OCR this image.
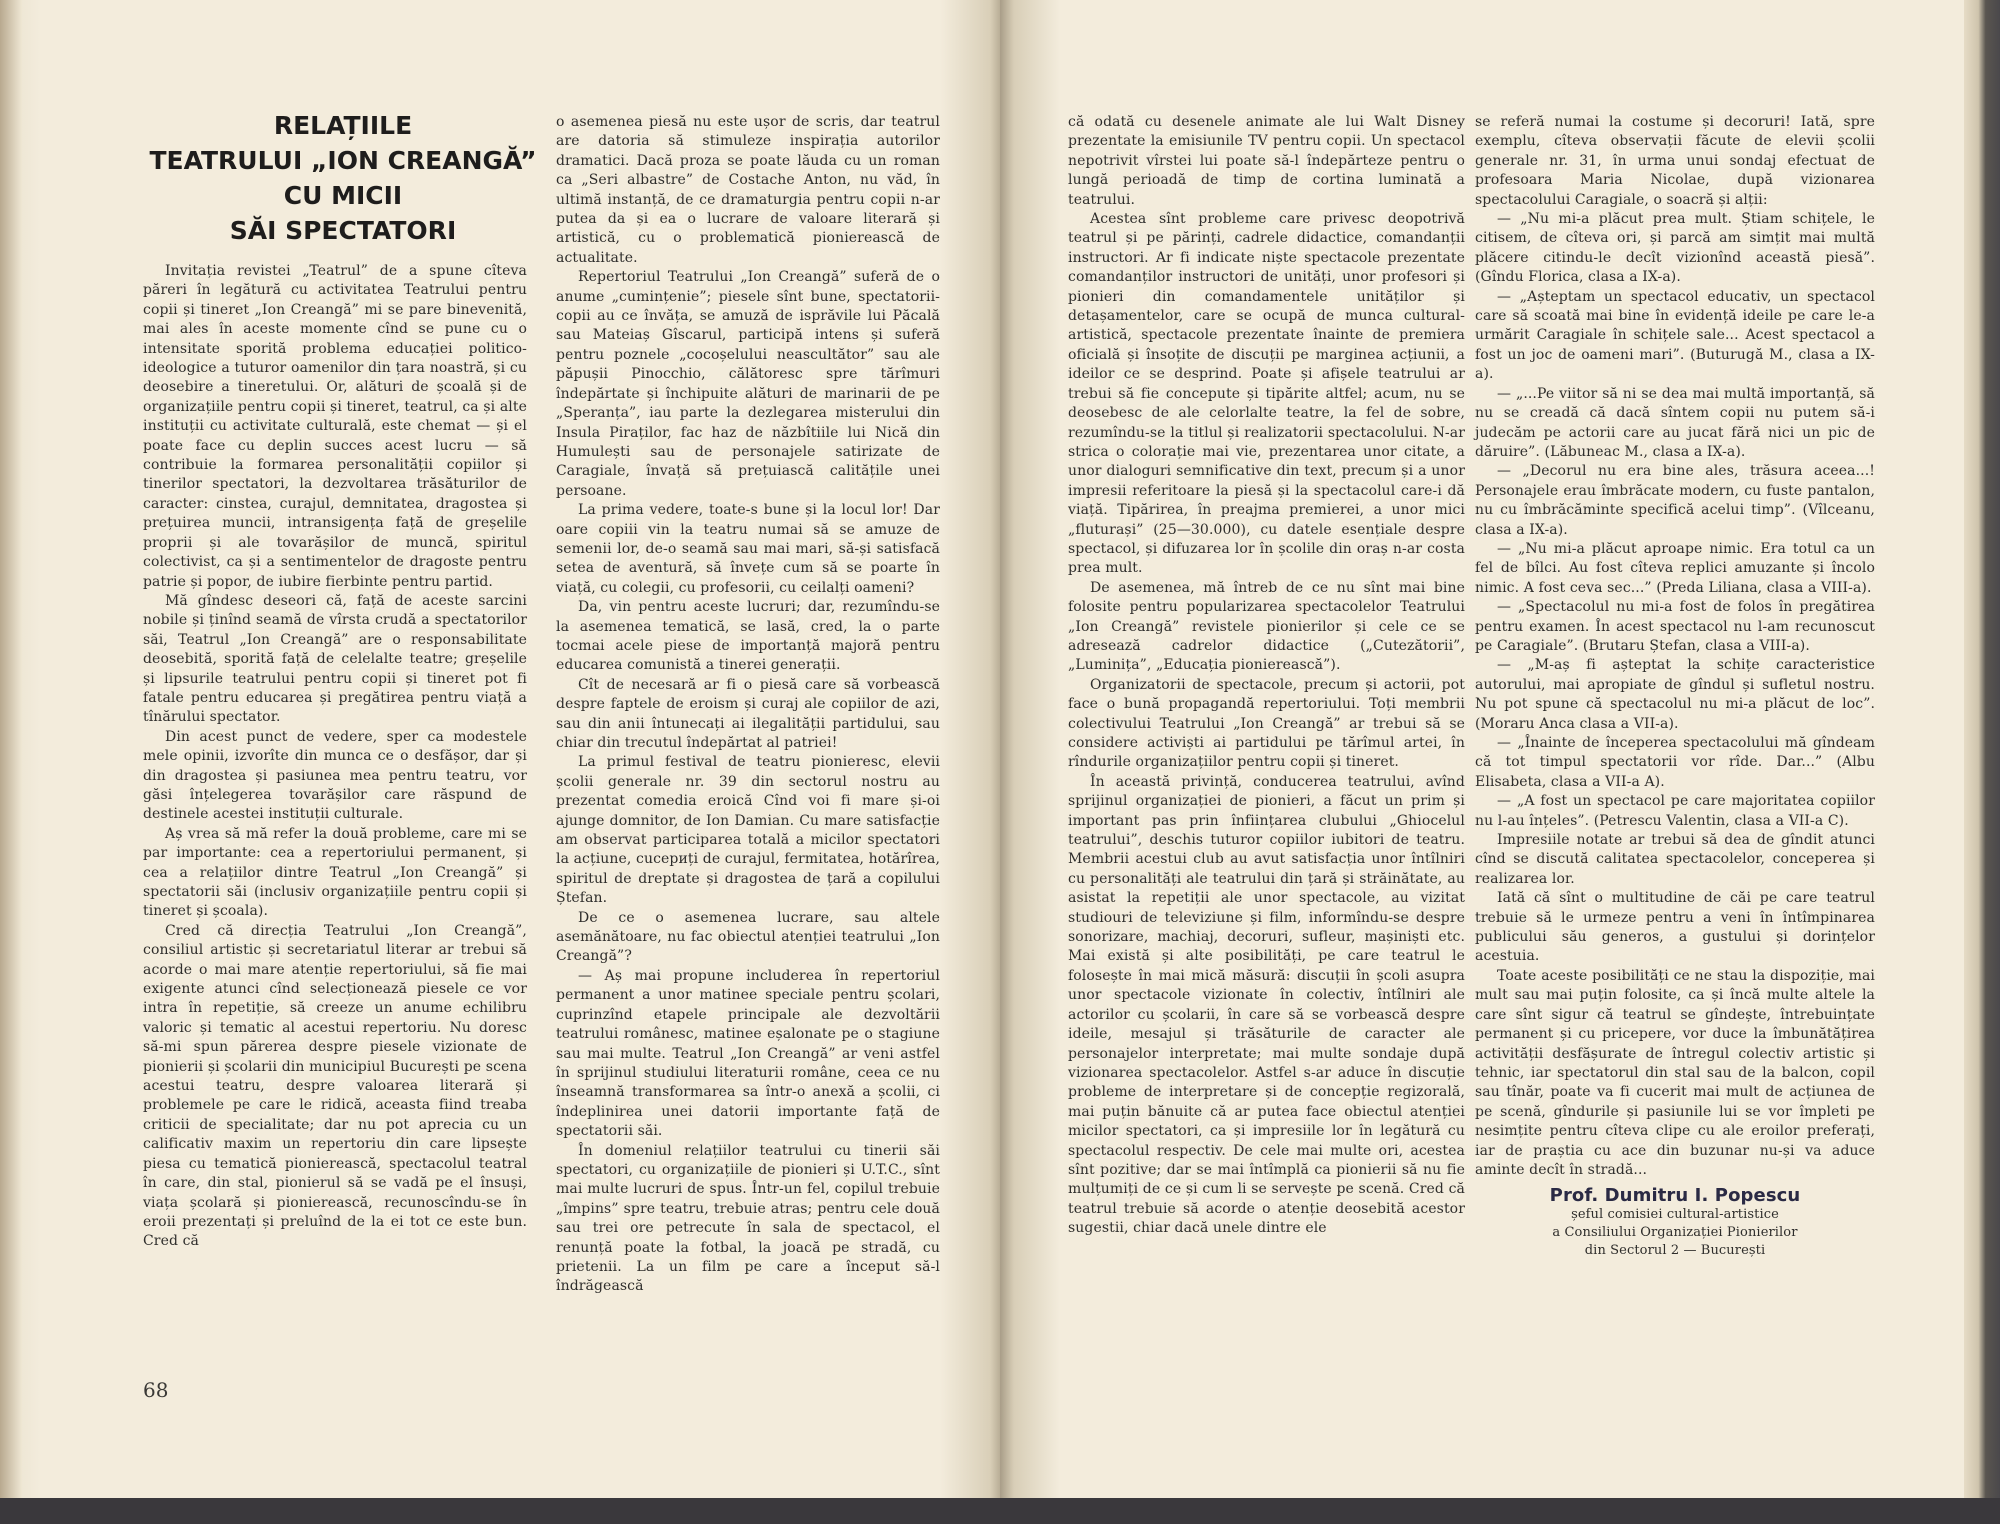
RELAȚIILE
TEATRULUI „ION CREANGĂ”
CU MICII
SĂI SPECTATORI

Invitația revistei „Teatrul” de a spune cîteva păreri în legătură cu activitatea Teatrului pentru copii și tineret „Ion Creangă” mi se pare binevenită, mai ales în aceste momente cînd se pune cu o intensitate sporită problema educației politico-ideologice a tuturor oamenilor din țara noastră, și cu deosebire a tineretului. Or, alături de școală și de organizațiile pentru copii și tineret, teatrul, ca și alte instituții cu activitate culturală, este chemat — și el poate face cu deplin succes acest lucru — să contribuie la formarea personalității copiilor și tinerilor spectatori, la dezvoltarea trăsăturilor de caracter: cinstea, curajul, demnitatea, dragostea și prețuirea muncii, intransigența față de greșelile proprii și ale tovarășilor de muncă, spiritul colectivist, ca și a sentimentelor de dragoste pentru patrie și popor, de iubire fierbinte pentru partid.

Mă gîndesc deseori că, față de aceste sarcini nobile și ținînd seamă de vîrsta crudă a spectatorilor săi, Teatrul „Ion Creangă” are o responsabilitate deosebită, sporită față de celelalte teatre; greșelile și lipsurile teatrului pentru copii și tineret pot fi fatale pentru educarea și pregătirea pentru viață a tînărului spectator.

Din acest punct de vedere, sper ca modestele mele opinii, izvorîte din munca ce o desfășor, dar și din dragostea și pasiunea mea pentru teatru, vor găsi înțelegerea tovarășilor care răspund de destinele acestei instituții culturale.

Aș vrea să mă refer la două probleme, care mi se par importante: cea a repertoriului permanent, și cea a relațiilor dintre Teatrul „Ion Creangă” și spectatorii săi (inclusiv organizațiile pentru copii și tineret și școala).

Cred că direcția Teatrului „Ion Creangă”, consiliul artistic și secretariatul literar ar trebui să acorde o mai mare atenție repertoriului, să fie mai exigente atunci cînd selecționează piesele ce vor intra în repetiție, să creeze un anume echilibru valoric și tematic al acestui repertoriu. Nu doresc să-mi spun părerea despre piesele vizionate de pionierii și școlarii din municipiul București pe scena acestui teatru, despre valoarea literară și problemele pe care le ridică, aceasta fiind treaba criticii de specialitate; dar nu pot aprecia cu un calificativ maxim un repertoriu din care lipsește piesa cu tematică pionierească, spectacolul teatral în care, din stal, pionierul să se vadă pe el însuși, viața școlară și pionierească, recunoscîndu-se în eroii prezentați și preluînd de la ei tot ce este bun. Cred că

o asemenea piesă nu este ușor de scris, dar teatrul are datoria să stimuleze inspirația autorilor dramatici. Dacă proza se poate lăuda cu un roman ca „Seri albastre” de Costache Anton, nu văd, în ultimă instanță, de ce dramaturgia pentru copii n-ar putea da și ea o lucrare de valoare literară și artistică, cu o problematică pionierească de actualitate.

Repertoriul Teatrului „Ion Creangă” suferă de o anume „cumințenie”; piesele sînt bune, spectatorii-copii au ce învăța, se amuză de isprăvile lui Păcală sau Mateiaș Gîscarul, participă intens și suferă pentru poznele „cocoșelului neascultător” sau ale păpușii Pinocchio, călătoresc spre tărîmuri îndepărtate și închipuite alături de marinarii de pe „Speranța”, iau parte la dezlegarea misterului din Insula Piraților, fac haz de năzbîtiile lui Nică din Humulești sau de personajele satirizate de Caragiale, învață să prețuiască calitățile unei persoane.

La prima vedere, toate-s bune și la locul lor! Dar oare copiii vin la teatru numai să se amuze de semenii lor, de-o seamă sau mai mari, să-și satisfacă setea de aventură, să învețe cum să se poarte în viață, cu colegii, cu profesorii, cu ceilalți oameni?

Da, vin pentru aceste lucruri; dar, rezumîndu-se la asemenea tematică, se lasă, cred, la o parte tocmai acele piese de importanță majoră pentru educarea comunistă a tinerei generații.

Cît de necesară ar fi o piesă care să vorbească despre faptele de eroism și curaj ale copiilor de azi, sau din anii întunecați ai ilegalității partidului, sau chiar din trecutul îndepărtat al patriei!

La primul festival de teatru pionieresc, elevii școlii generale nr. 39 din sectorul nostru au prezentat comedia eroică Cînd voi fi mare și-oi ajunge domnitor, de Ion Damian. Cu mare satisfacție am observat participarea totală a micilor spectatori la acțiune, cucериți de curajul, fermitatea, hotărîrea, spiritul de dreptate și dragostea de țară a copilului Ștefan.

De ce o asemenea lucrare, sau altele asemănătoare, nu fac obiectul atenției teatrului „Ion Creangă”?

— Aș mai propune includerea în repertoriul permanent a unor matinee speciale pentru școlari, cuprinzînd etapele principale ale dezvoltării teatrului românesc, matinee eșalonate pe o stagiune sau mai multe. Teatrul „Ion Creangă” ar veni astfel în sprijinul studiului literaturii române, ceea ce nu înseamnă transformarea sa într-o anexă a școlii, ci îndeplinirea unei datorii importante față de spectatorii săi.

În domeniul relațiilor teatrului cu tinerii săi spectatori, cu organizațiile de pionieri și U.T.C., sînt mai multe lucruri de spus. Într-un fel, copilul trebuie „împins” spre teatru, trebuie atras; pentru cele două sau trei ore petrecute în sala de spectacol, el renunță poate la fotbal, la joacă pe stradă, cu prietenii. La un film pe care a început să-l îndrăgească

68

că odată cu desenele animate ale lui Walt Disney prezentate la emisiunile TV pentru copii. Un spectacol nepotrivit vîrstei lui poate să-l îndepărteze pentru o lungă perioadă de timp de cortina luminată a teatrului.

Acestea sînt probleme care privesc deopotrivă teatrul și pe părinți, cadrele didactice, comandanții instructori. Ar fi indicate niște spectacole prezentate comandanților instructori de unități, unor profesori și pionieri din comandamentele unităților și detașamentelor, care se ocupă de munca cultural-artistică, spectacole prezentate înainte de premiera oficială și însoțite de discuții pe marginea acțiunii, a ideilor ce se desprind. Poate și afișele teatrului ar trebui să fie concepute și tipărite altfel; acum, nu se deosebesc de ale celorlalte teatre, la fel de sobre, rezumîndu-se la titlul și realizatorii spectacolului. N-ar strica o colorație mai vie, prezentarea unor citate, a unor dialoguri semnificative din text, precum și a unor impresii referitoare la piesă și la spectacolul care-i dă viață. Tipărirea, în preajma premierei, a unor mici „fluturași” (25—30.000), cu datele esențiale despre spectacol, și difuzarea lor în școlile din oraș n-ar costa prea mult.

De asemenea, mă întreb de ce nu sînt mai bine folosite pentru popularizarea spectacolelor Teatrului „Ion Creangă” revistele pionierilor și cele ce se adresează cadrelor didactice („Cutezătorii”, „Luminița”, „Educația pionierească”).

Organizatorii de spectacole, precum și actorii, pot face o bună propagandă repertoriului. Toți membrii colectivului Teatrului „Ion Creangă” ar trebui să se considere activiști ai partidului pe tărîmul artei, în rîndurile organizațiilor pentru copii și tineret.

În această privință, conducerea teatrului, avînd sprijinul organizației de pionieri, a făcut un prim și important pas prin înființarea clubului „Ghiocelul teatrului”, deschis tuturor copiilor iubitori de teatru. Membrii acestui club au avut satisfacția unor întîlniri cu personalități ale teatrului din țară și străinătate, au asistat la repetiții ale unor spectacole, au vizitat studiouri de televiziune și film, informîndu-se despre sonorizare, machiaj, decoruri, sufleur, mașiniști etc. Mai există și alte posibilități, pe care teatrul le folosește în mai mică măsură: discuții în școli asupra unor spectacole vizionate în colectiv, întîlniri ale actorilor cu școlarii, în care să se vorbească despre ideile, mesajul și trăsăturile de caracter ale personajelor interpretate; mai multe sondaje după vizionarea spectacolelor. Astfel s-ar aduce în discuție probleme de interpretare și de concepție regizorală, mai puțin bănuite că ar putea face obiectul atenției micilor spectatori, ca și impresiile lor în legătură cu spectacolul respectiv. De cele mai multe ori, acestea sînt pozitive; dar se mai întîmplă ca pionierii să nu fie mulțumiți de ce și cum li se servește pe scenă. Cred că teatrul trebuie să acorde o atenție deosebită acestor sugestii, chiar dacă unele dintre ele

se referă numai la costume și decoruri! Iată, spre exemplu, cîteva observații făcute de elevii școlii generale nr. 31, în urma unui sondaj efectuat de profesoara Maria Nicolae, după vizionarea spectacolului Caragiale, o soacră și alții:

— „Nu mi-a plăcut prea mult. Știam schițele, le citisem, de cîteva ori, și parcă am simțit mai multă plăcere citindu-le decît vizionînd această piesă”. (Gîndu Florica, clasa a IX-a).

— „Așteptam un spectacol educativ, un spectacol care să scoată mai bine în evidență ideile pe care le-a urmărit Caragiale în schițele sale... Acest spectacol a fost un joc de oameni mari”. (Buturugă M., clasa a IX-a).

— „...Pe viitor să ni se dea mai multă importanță, să nu se creadă că dacă sîntem copii nu putem să-i judecăm pe actorii care au jucat fără nici un pic de dăruire”. (Lăbuneac M., clasa a IX-a).

— „Decorul nu era bine ales, trăsura aceea...! Personajele erau îmbrăcate modern, cu fuste pantalon, nu cu îmbrăcăminte specifică acelui timp”. (Vîlceanu, clasa a IX-a).

— „Nu mi-a plăcut aproape nimic. Era totul ca un fel de bîlci. Au fost cîteva replici amuzante și încolo nimic. A fost ceva sec...” (Preda Liliana, clasa a VIII-a).

— „Spectacolul nu mi-a fost de folos în pregătirea pentru examen. În acest spectacol nu l-am recunoscut pe Caragiale”. (Brutaru Ștefan, clasa a VIII-a).

— „M-aș fi așteptat la schițe caracteristice autorului, mai apropiate de gîndul și sufletul nostru. Nu pot spune că spectacolul nu mi-a plăcut de loc”. (Moraru Anca clasa a VII-a).

— „Înainte de începerea spectacolului mă gîndeam că tot timpul spectatorii vor rîde. Dar...” (Albu Elisabeta, clasa a VII-a A).

— „A fost un spectacol pe care majoritatea copiilor nu l-au înțeles”. (Petrescu Valentin, clasa a VII-a C).

Impresiile notate ar trebui să dea de gîndit atunci cînd se discută calitatea spectacolelor, conceperea și realizarea lor.

Iată că sînt o multitudine de căi pe care teatrul trebuie să le urmeze pentru a veni în întîmpinarea publicului său generos, a gustului și dorințelor acestuia.

Toate aceste posibilități ce ne stau la dispoziție, mai mult sau mai puțin folosite, ca și încă multe altele la care sînt sigur că teatrul se gîndește, întrebuințate permanent și cu pricepere, vor duce la îmbunătățirea activității desfășurate de întregul colectiv artistic și tehnic, iar spectatorul din stal sau de la balcon, copil sau tînăr, poate va fi cucerit mai mult de acțiunea de pe scenă, gîndurile și pasiunile lui se vor împleti pe nesimțite pentru cîteva clipe cu ale eroilor preferați, iar de praștia cu ace din buzunar nu-și va aduce aminte decît în stradă...

Prof. Dumitru I. Popescu
șeful comisiei cultural-artistice
a Consiliului Organizației Pionierilor
din Sectorul 2 — București
